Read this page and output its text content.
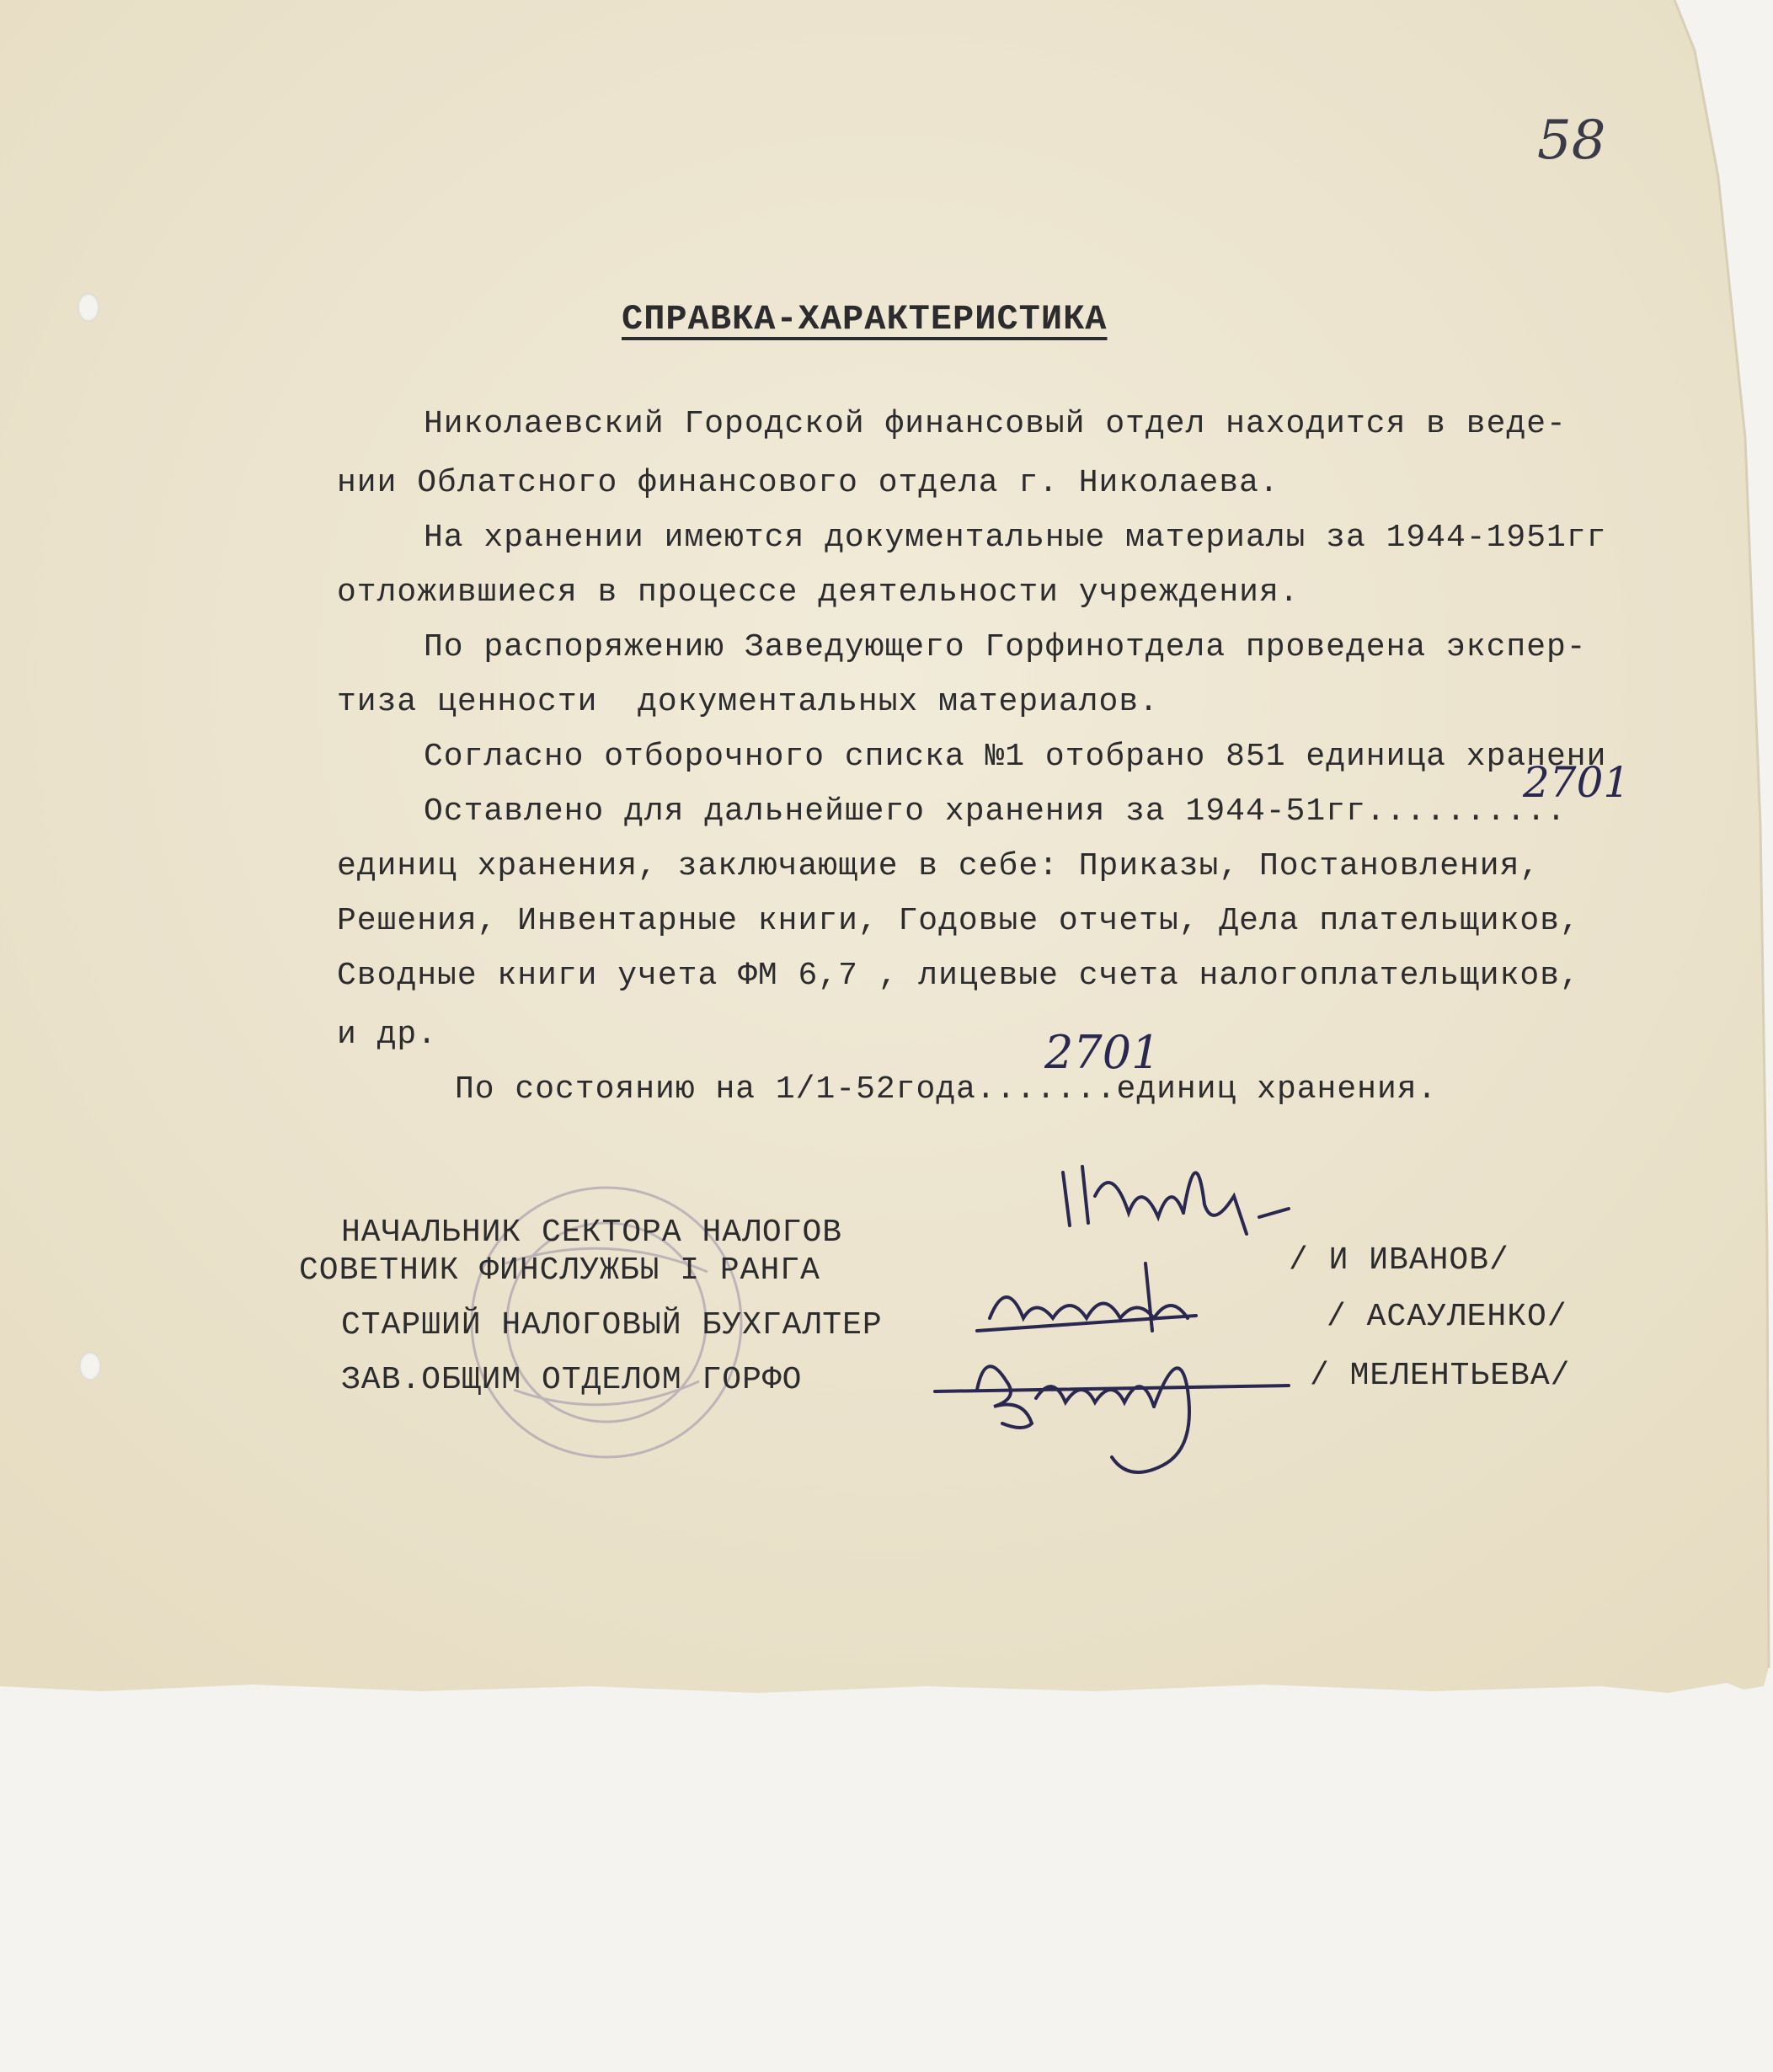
58
СПРАВКА-ХАРАКТЕРИСТИКА

Николаевский Городской финансовый отдел находится в веде-

нии Облатсного финансового отдела г. Николаева.

На хранении имеются документальные материалы за 1944-1951гг

отложившиеся в процессе деятельности учреждения.

По распоряжению Заведующего Горфинотдела проведена экспер-

тиза ценности  документальных материалов.

Согласно отборочного списка №1 отобрано 851 единица хранени

Оставлено для дальнейшего хранения за 1944-51гг..........

единиц хранения, заключающие в себе: Приказы, Постановления,

Решения, Инвентарные книги, Годовые отчеты, Дела плательщиков,

Сводные книги учета ФМ 6,7 , лицевые счета налогоплательщиков,

и др.

По состоянию на 1/1-52года.......единиц хранения.

2701
2701

НАЧАЛЬНИК СЕКТОРА НАЛОГОВ

СОВЕТНИК ФИНСЛУЖБЫ I РАНГА

СТАРШИЙ НАЛОГОВЫЙ БУХГАЛТЕР

ЗАВ.ОБЩИМ ОТДЕЛОМ ГОРФО

/ И ИВАНОВ/

/ АСАУЛЕНКО/

/ МЕЛЕНТЬЕВА/
